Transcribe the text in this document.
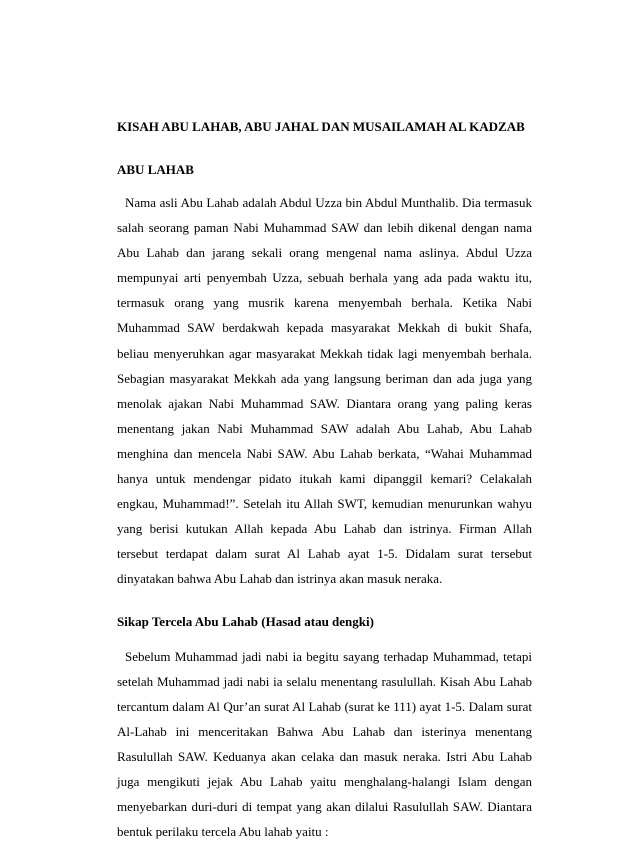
KISAH ABU LAHAB, ABU JAHAL DAN MUSAILAMAH AL KADZAB
ABU LAHAB

Nama asli Abu Lahab adalah Abdul Uzza bin Abdul Munthalib. Dia termasuk salah seorang paman Nabi Muhammad SAW dan lebih dikenal dengan nama Abu Lahab dan jarang sekali orang mengenal nama aslinya. Abdul Uzza mempunyai arti penyembah Uzza, sebuah berhala yang ada pada waktu itu, termasuk orang yang musrik karena menyembah berhala. Ketika Nabi Muhammad SAW berdakwah kepada masyarakat Mekkah di bukit Shafa, beliau menyeruhkan agar masyarakat Mekkah tidak lagi menyembah berhala. Sebagian masyarakat Mekkah ada yang langsung beriman dan ada juga yang menolak ajakan Nabi Muhammad SAW. Diantara orang yang paling keras menentang jakan Nabi Muhammad SAW adalah Abu Lahab, Abu Lahab menghina dan mencela Nabi SAW. Abu Lahab berkata, “Wahai Muhammad hanya untuk mendengar pidato itukah kami dipanggil kemari? Celakalah engkau, Muhammad!”. Setelah itu Allah SWT, kemudian menurunkan wahyu yang berisi kutukan Allah kepada Abu Lahab dan istrinya. Firman Allah tersebut terdapat dalam surat Al Lahab ayat 1-5. Didalam surat tersebut dinyatakan bahwa Abu Lahab dan istrinya akan masuk neraka.

Sikap Tercela Abu Lahab (Hasad atau dengki)

Sebelum Muhammad jadi nabi ia begitu sayang terhadap Muhammad, tetapi setelah Muhammad jadi nabi ia selalu menentang rasulullah. Kisah Abu Lahab tercantum dalam Al Qur’an surat Al Lahab (surat ke 111) ayat 1-5. Dalam surat Al-Lahab ini menceritakan Bahwa Abu Lahab dan isterinya menentang Rasulullah SAW. Keduanya akan celaka dan masuk neraka. Istri Abu Lahab juga mengikuti jejak Abu Lahab yaitu menghalang-halangi Islam dengan menyebarkan duri-duri di tempat yang akan dilalui Rasulullah SAW. Diantara bentuk perilaku tercela Abu lahab yaitu :
